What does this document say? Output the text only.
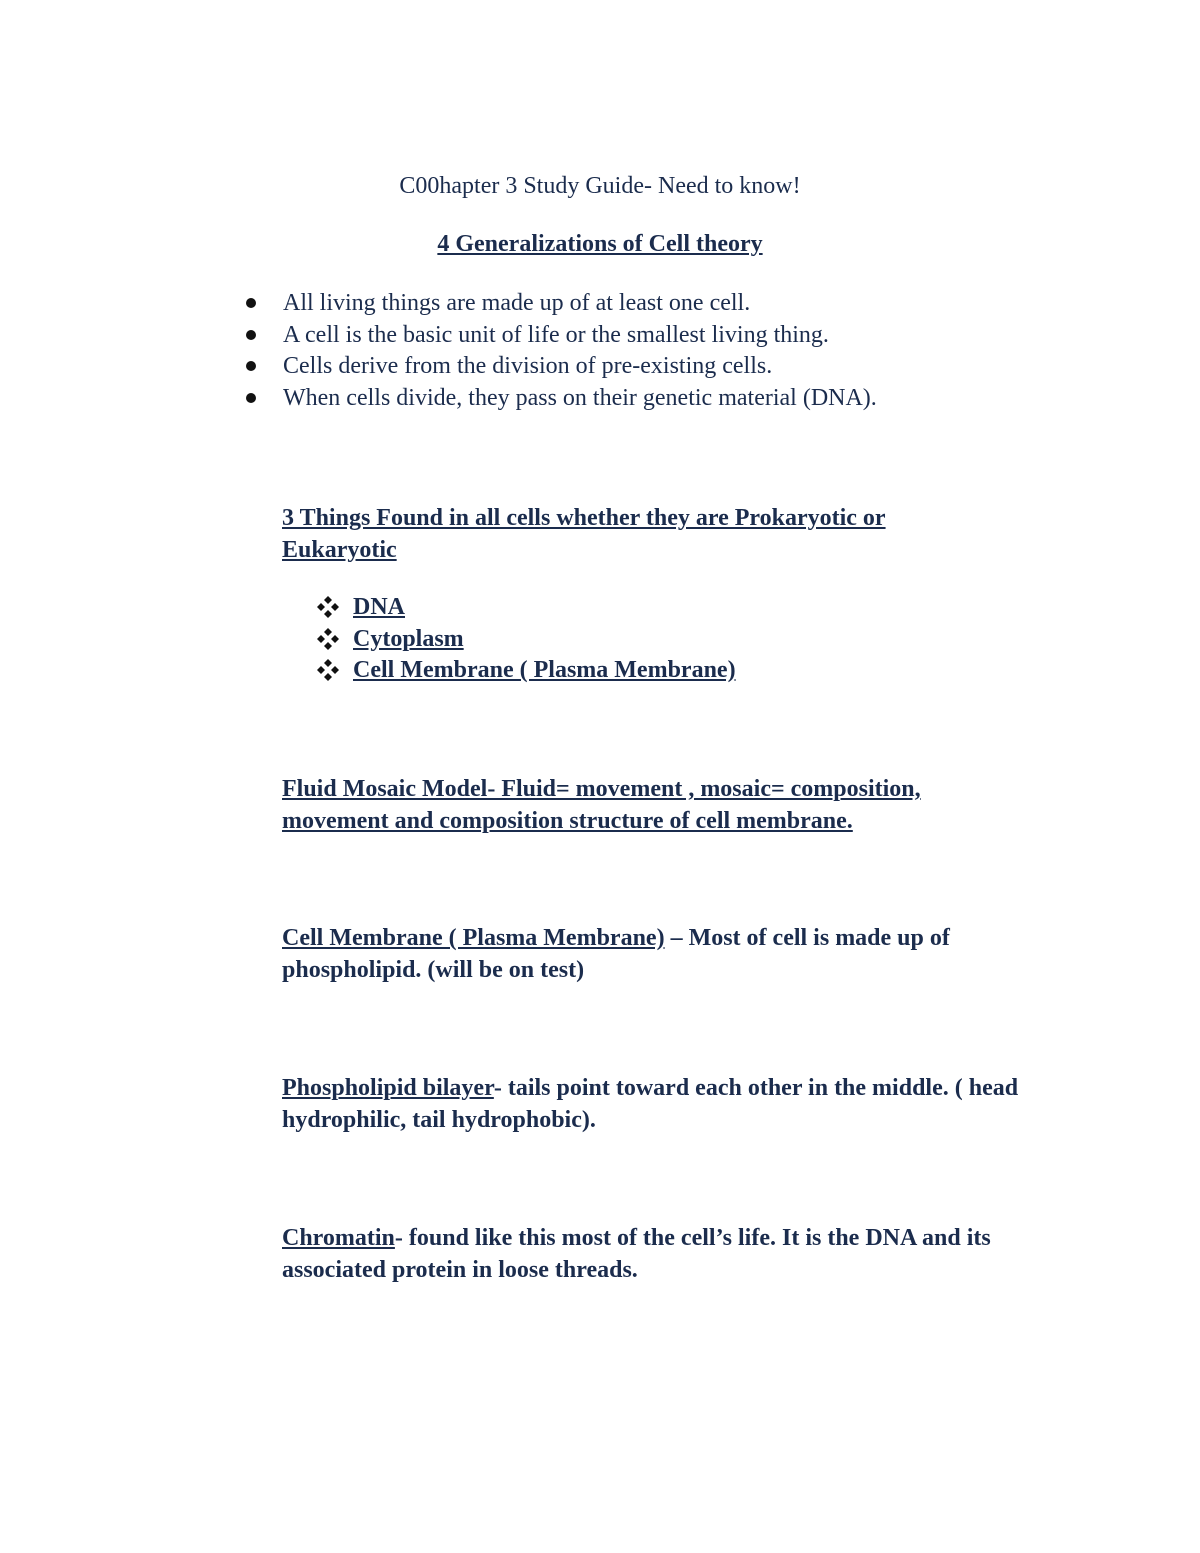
C00hapter 3 Study Guide- Need to know!
4 Generalizations of Cell theory
All living things are made up of at least one cell.
A cell is the basic unit of life or the smallest living thing.
Cells derive from the division of pre-existing cells.
When cells divide, they pass on their genetic material (DNA).
3 Things Found in all cells whether they are Prokaryotic or
Eukaryotic
DNA
Cytoplasm
Cell Membrane ( Plasma Membrane)
Fluid Mosaic Model- Fluid= movement , mosaic= composition,
movement and composition structure of cell membrane.
Cell Membrane ( Plasma Membrane) – Most of cell is made up of phospholipid. (will be on test)
Phospholipid bilayer- tails point toward each other in the middle. ( head hydrophilic, tail hydrophobic).
Chromatin- found like this most of the cell’s life. It is the DNA and its associated protein in loose threads.
